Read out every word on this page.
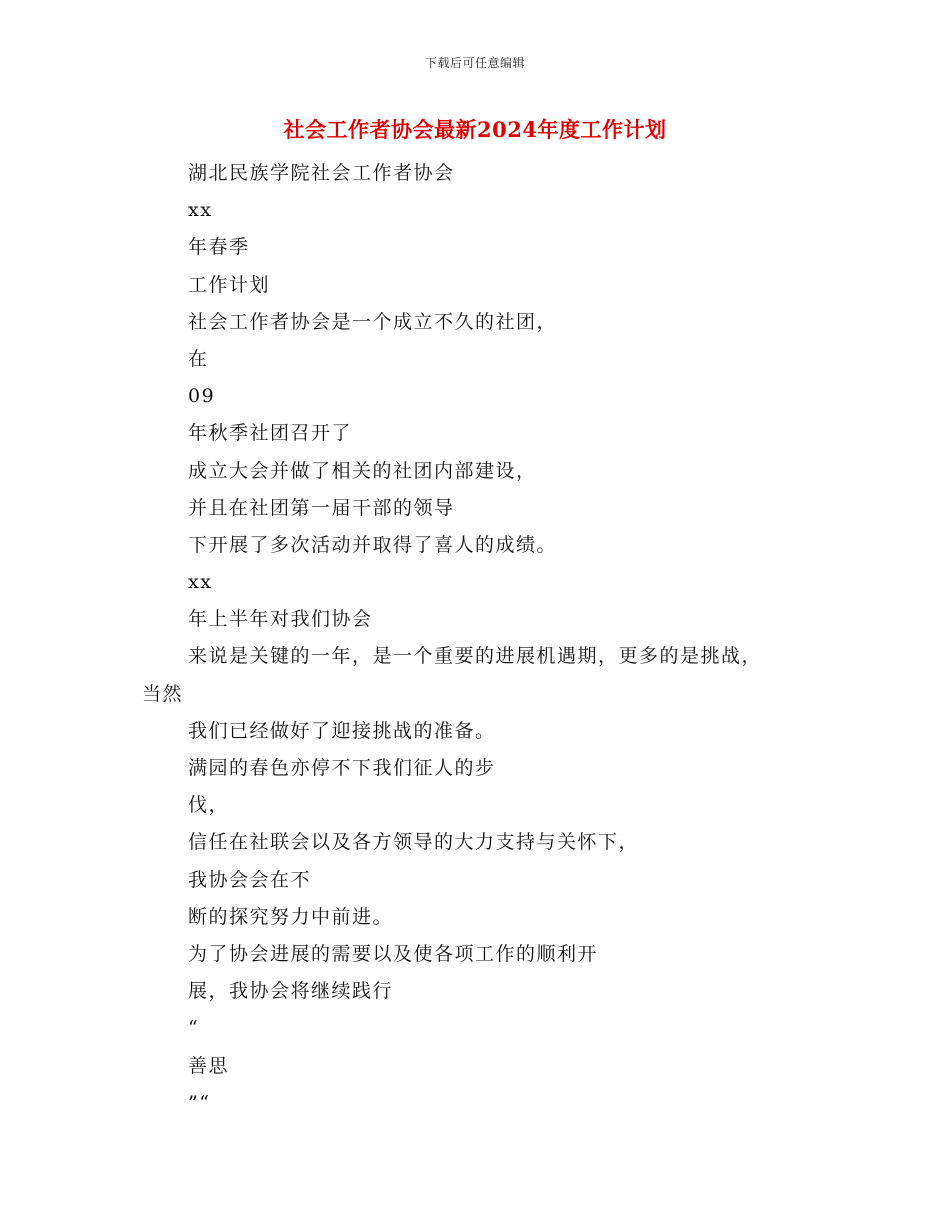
下载后可任意编辑
社会工作者协会最新2024年度工作计划
湖北民族学院社会工作者协会
xx
年春季
工作计划
社会工作者协会是一个成立不久的社团，
在
09
年秋季社团召开了
成立大会并做了相关的社团内部建设，
并且在社团第一届干部的领导
下开展了多次活动并取得了喜人的成绩。
xx
年上半年对我们协会
来说是关键的一年，是一个重要的进展机遇期，更多的是挑战，
当然
我们已经做好了迎接挑战的准备。
满园的春色亦停不下我们征人的步
伐，
信任在社联会以及各方领导的大力支持与关怀下，
我协会会在不
断的探究努力中前进。
为了协会进展的需要以及使各项工作的顺利开
展，我协会将继续践行
“
善思
”“
